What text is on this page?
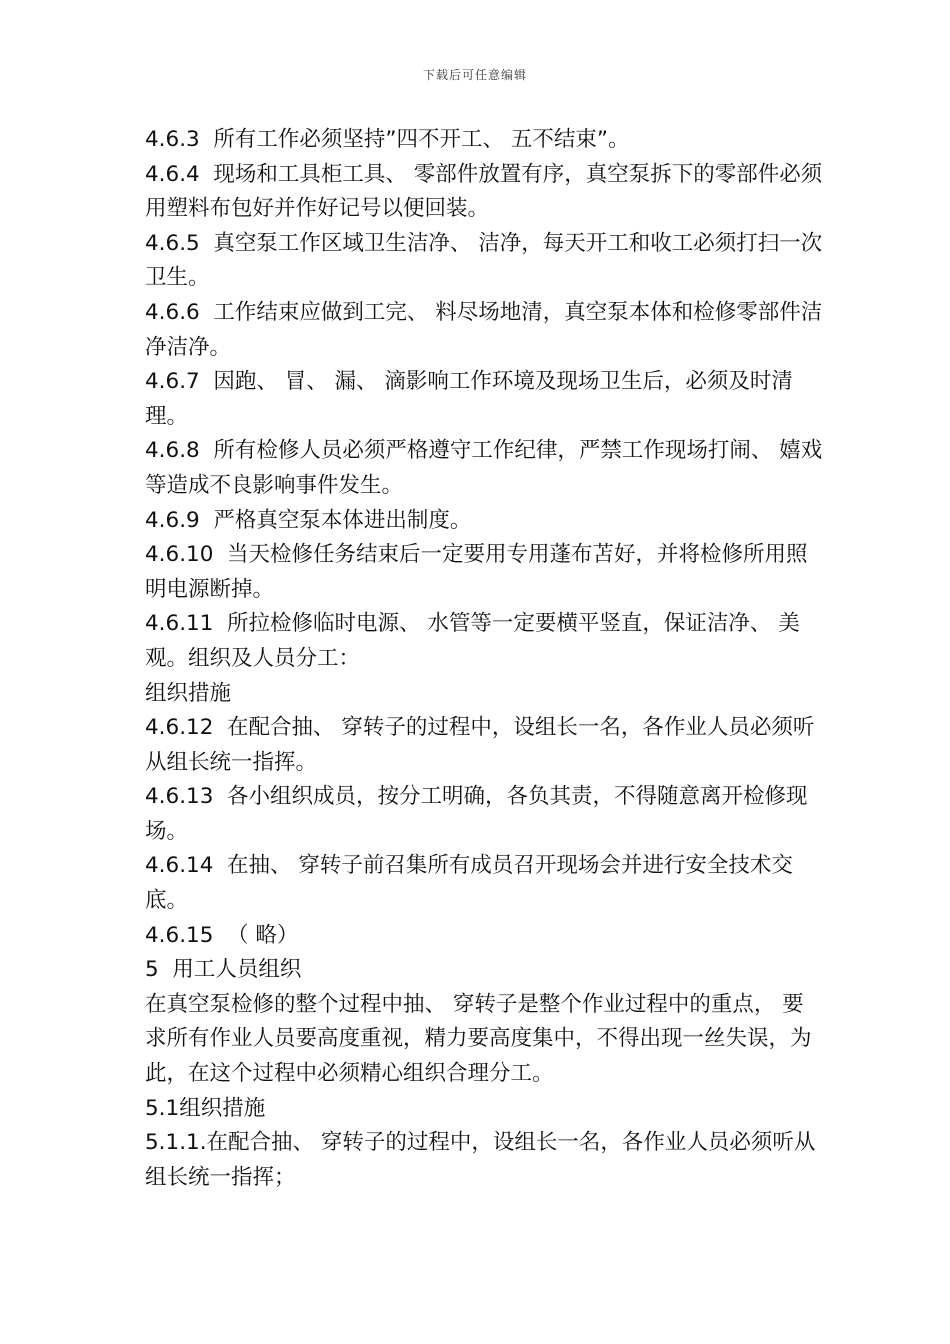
下载后可任意编辑

4.6.3  所有工作必须坚持”四不开工、 五不结束”。

4.6.4  现场和工具柜工具、 零部件放置有序，真空泵拆下的零部件必须用塑料布包好并作好记号以便回装。

4.6.5  真空泵工作区域卫生洁净、 洁净，每天开工和收工必须打扫一次卫生。

4.6.6  工作结束应做到工完、 料尽场地清，真空泵本体和检修零部件洁净洁净。

4.6.7  因跑、 冒、 漏、 滴影响工作环境及现场卫生后，必须及时清理。

4.6.8  所有检修人员必须严格遵守工作纪律，严禁工作现场打闹、 嬉戏等造成不良影响事件发生。

4.6.9  严格真空泵本体进出制度。

4.6.10  当天检修任务结束后一定要用专用蓬布苫好，并将检修所用照明电源断掉。

4.6.11  所拉检修临时电源、 水管等一定要横平竖直，保证洁净、 美观。组织及人员分工：

组织措施

4.6.12  在配合抽、 穿转子的过程中，设组长一名，各作业人员必须听从组长统一指挥。

4.6.13  各小组织成员，按分工明确，各负其责，不得随意离开检修现场。

4.6.14  在抽、 穿转子前召集所有成员召开现场会并进行安全技术交底。

4.6.15  （ 略）

5  用工人员组织

在真空泵检修的整个过程中抽、 穿转子是整个作业过程中的重点， 要求所有作业人员要高度重视，精力要高度集中，不得出现一丝失误，为此，在这个过程中必须精心组织合理分工。

5.1组织措施

5.1.1.在配合抽、 穿转子的过程中，设组长一名，各作业人员必须听从组长统一指挥；
